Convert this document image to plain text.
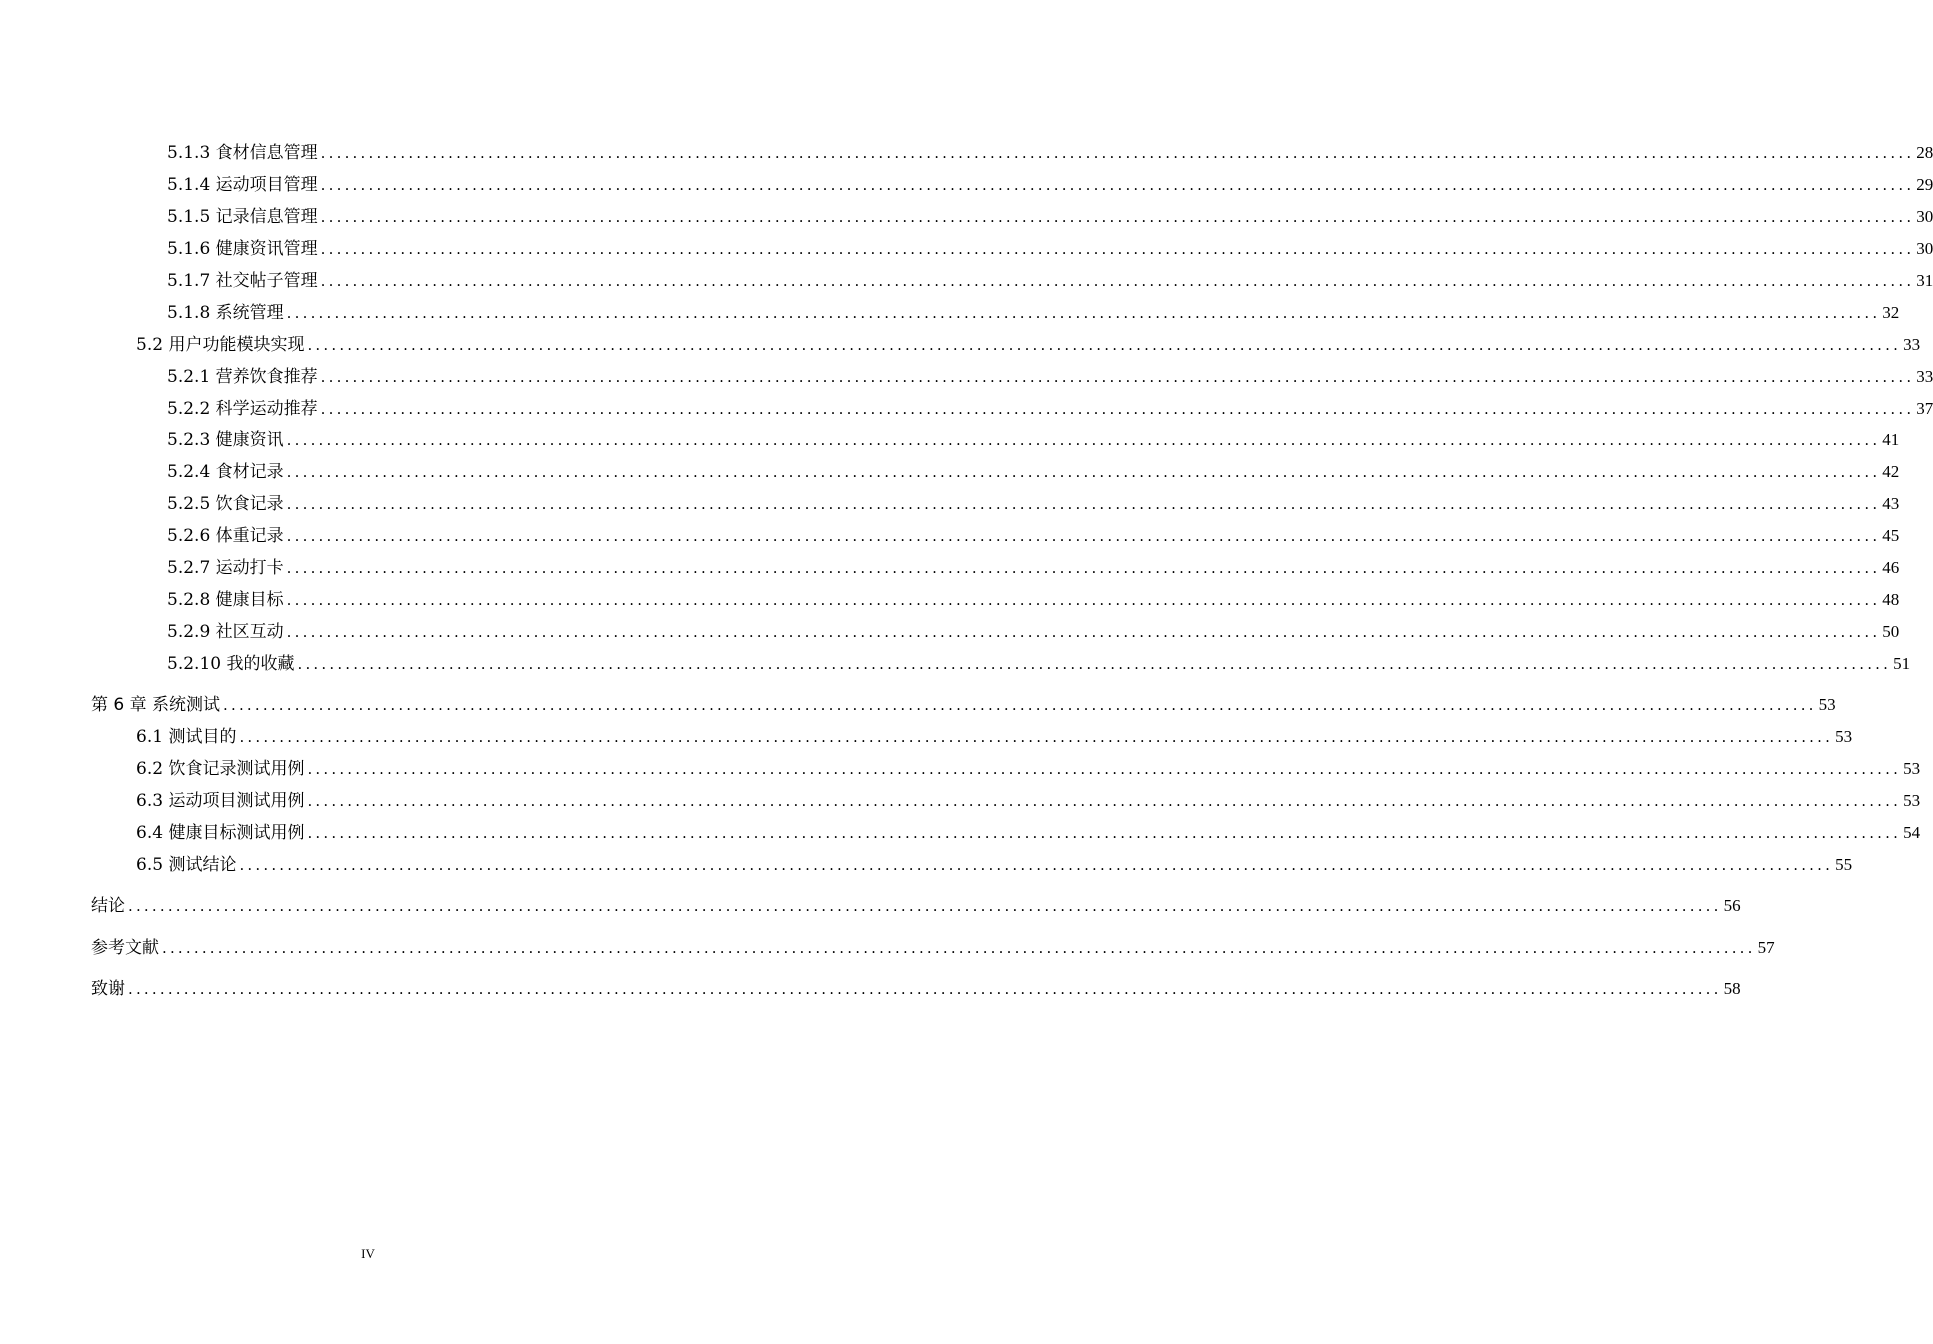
5.1.3 食材信息管理 ........................................................................................................................................................................................................ 28
5.1.4 运动项目管理 ........................................................................................................................................................................................................ 29
5.1.5 记录信息管理 ........................................................................................................................................................................................................ 30
5.1.6 健康资讯管理 ........................................................................................................................................................................................................ 30
5.1.7 社交帖子管理 ........................................................................................................................................................................................................ 31
5.1.8 系统管理 ........................................................................................................................................................................................................ 32
5.2 用户功能模块实现 ........................................................................................................................................................................................................ 33
5.2.1 营养饮食推荐 ........................................................................................................................................................................................................ 33
5.2.2 科学运动推荐 ........................................................................................................................................................................................................ 37
5.2.3 健康资讯 ........................................................................................................................................................................................................ 41
5.2.4 食材记录 ........................................................................................................................................................................................................ 42
5.2.5 饮食记录 ........................................................................................................................................................................................................ 43
5.2.6 体重记录 ........................................................................................................................................................................................................ 45
5.2.7 运动打卡 ........................................................................................................................................................................................................ 46
5.2.8 健康目标 ........................................................................................................................................................................................................ 48
5.2.9 社区互动 ........................................................................................................................................................................................................ 50
5.2.10 我的收藏 ........................................................................................................................................................................................................ 51
第 6 章 系统测试 ........................................................................................................................................................................................................ 53
6.1 测试目的 ........................................................................................................................................................................................................ 53
6.2 饮食记录测试用例 ........................................................................................................................................................................................................ 53
6.3 运动项目测试用例 ........................................................................................................................................................................................................ 53
6.4 健康目标测试用例 ........................................................................................................................................................................................................ 54
6.5 测试结论 ........................................................................................................................................................................................................ 55
结论 ........................................................................................................................................................................................................ 56
参考文献 ........................................................................................................................................................................................................ 57
致谢 ........................................................................................................................................................................................................ 58
IV
